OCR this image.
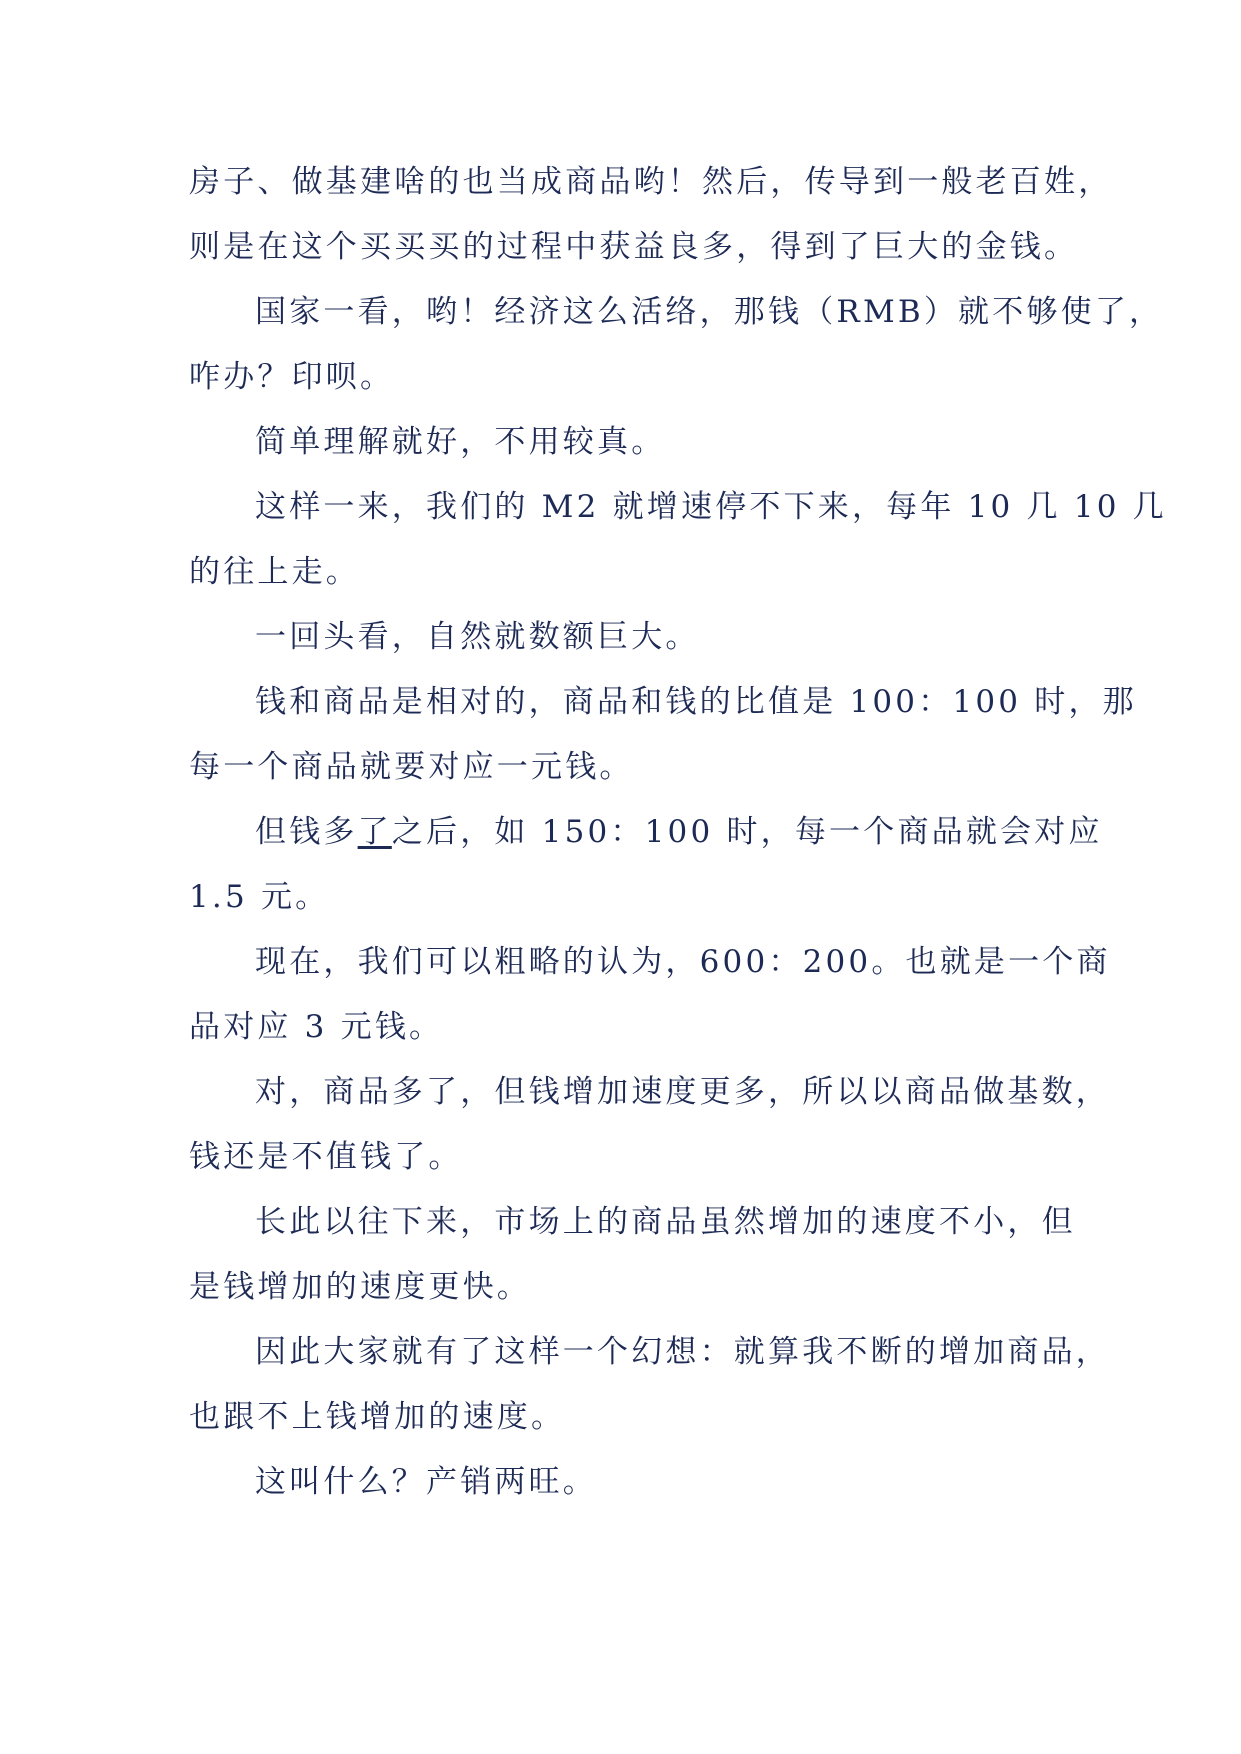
房子、做基建啥的也当成商品哟！然后，传导到一般老百姓，

则是在这个买买买的过程中获益良多，得到了巨大的金钱。

国家一看，哟！经济这么活络，那钱（RMB）就不够使了，

咋办？印呗。

简单理解就好，不用较真。

这样一来，我们的 M2 就增速停不下来，每年 10 几 10 几

的往上走。

一回头看，自然就数额巨大。

钱和商品是相对的，商品和钱的比值是 100：100 时，那

每一个商品就要对应一元钱。

但钱多了之后，如 150：100 时，每一个商品就会对应

1.5 元。

现在，我们可以粗略的认为，600：200。也就是一个商

品对应 3 元钱。

对，商品多了，但钱增加速度更多，所以以商品做基数，

钱还是不值钱了。

长此以往下来，市场上的商品虽然增加的速度不小，但

是钱增加的速度更快。

因此大家就有了这样一个幻想：就算我不断的增加商品，

也跟不上钱增加的速度。

这叫什么？产销两旺。
